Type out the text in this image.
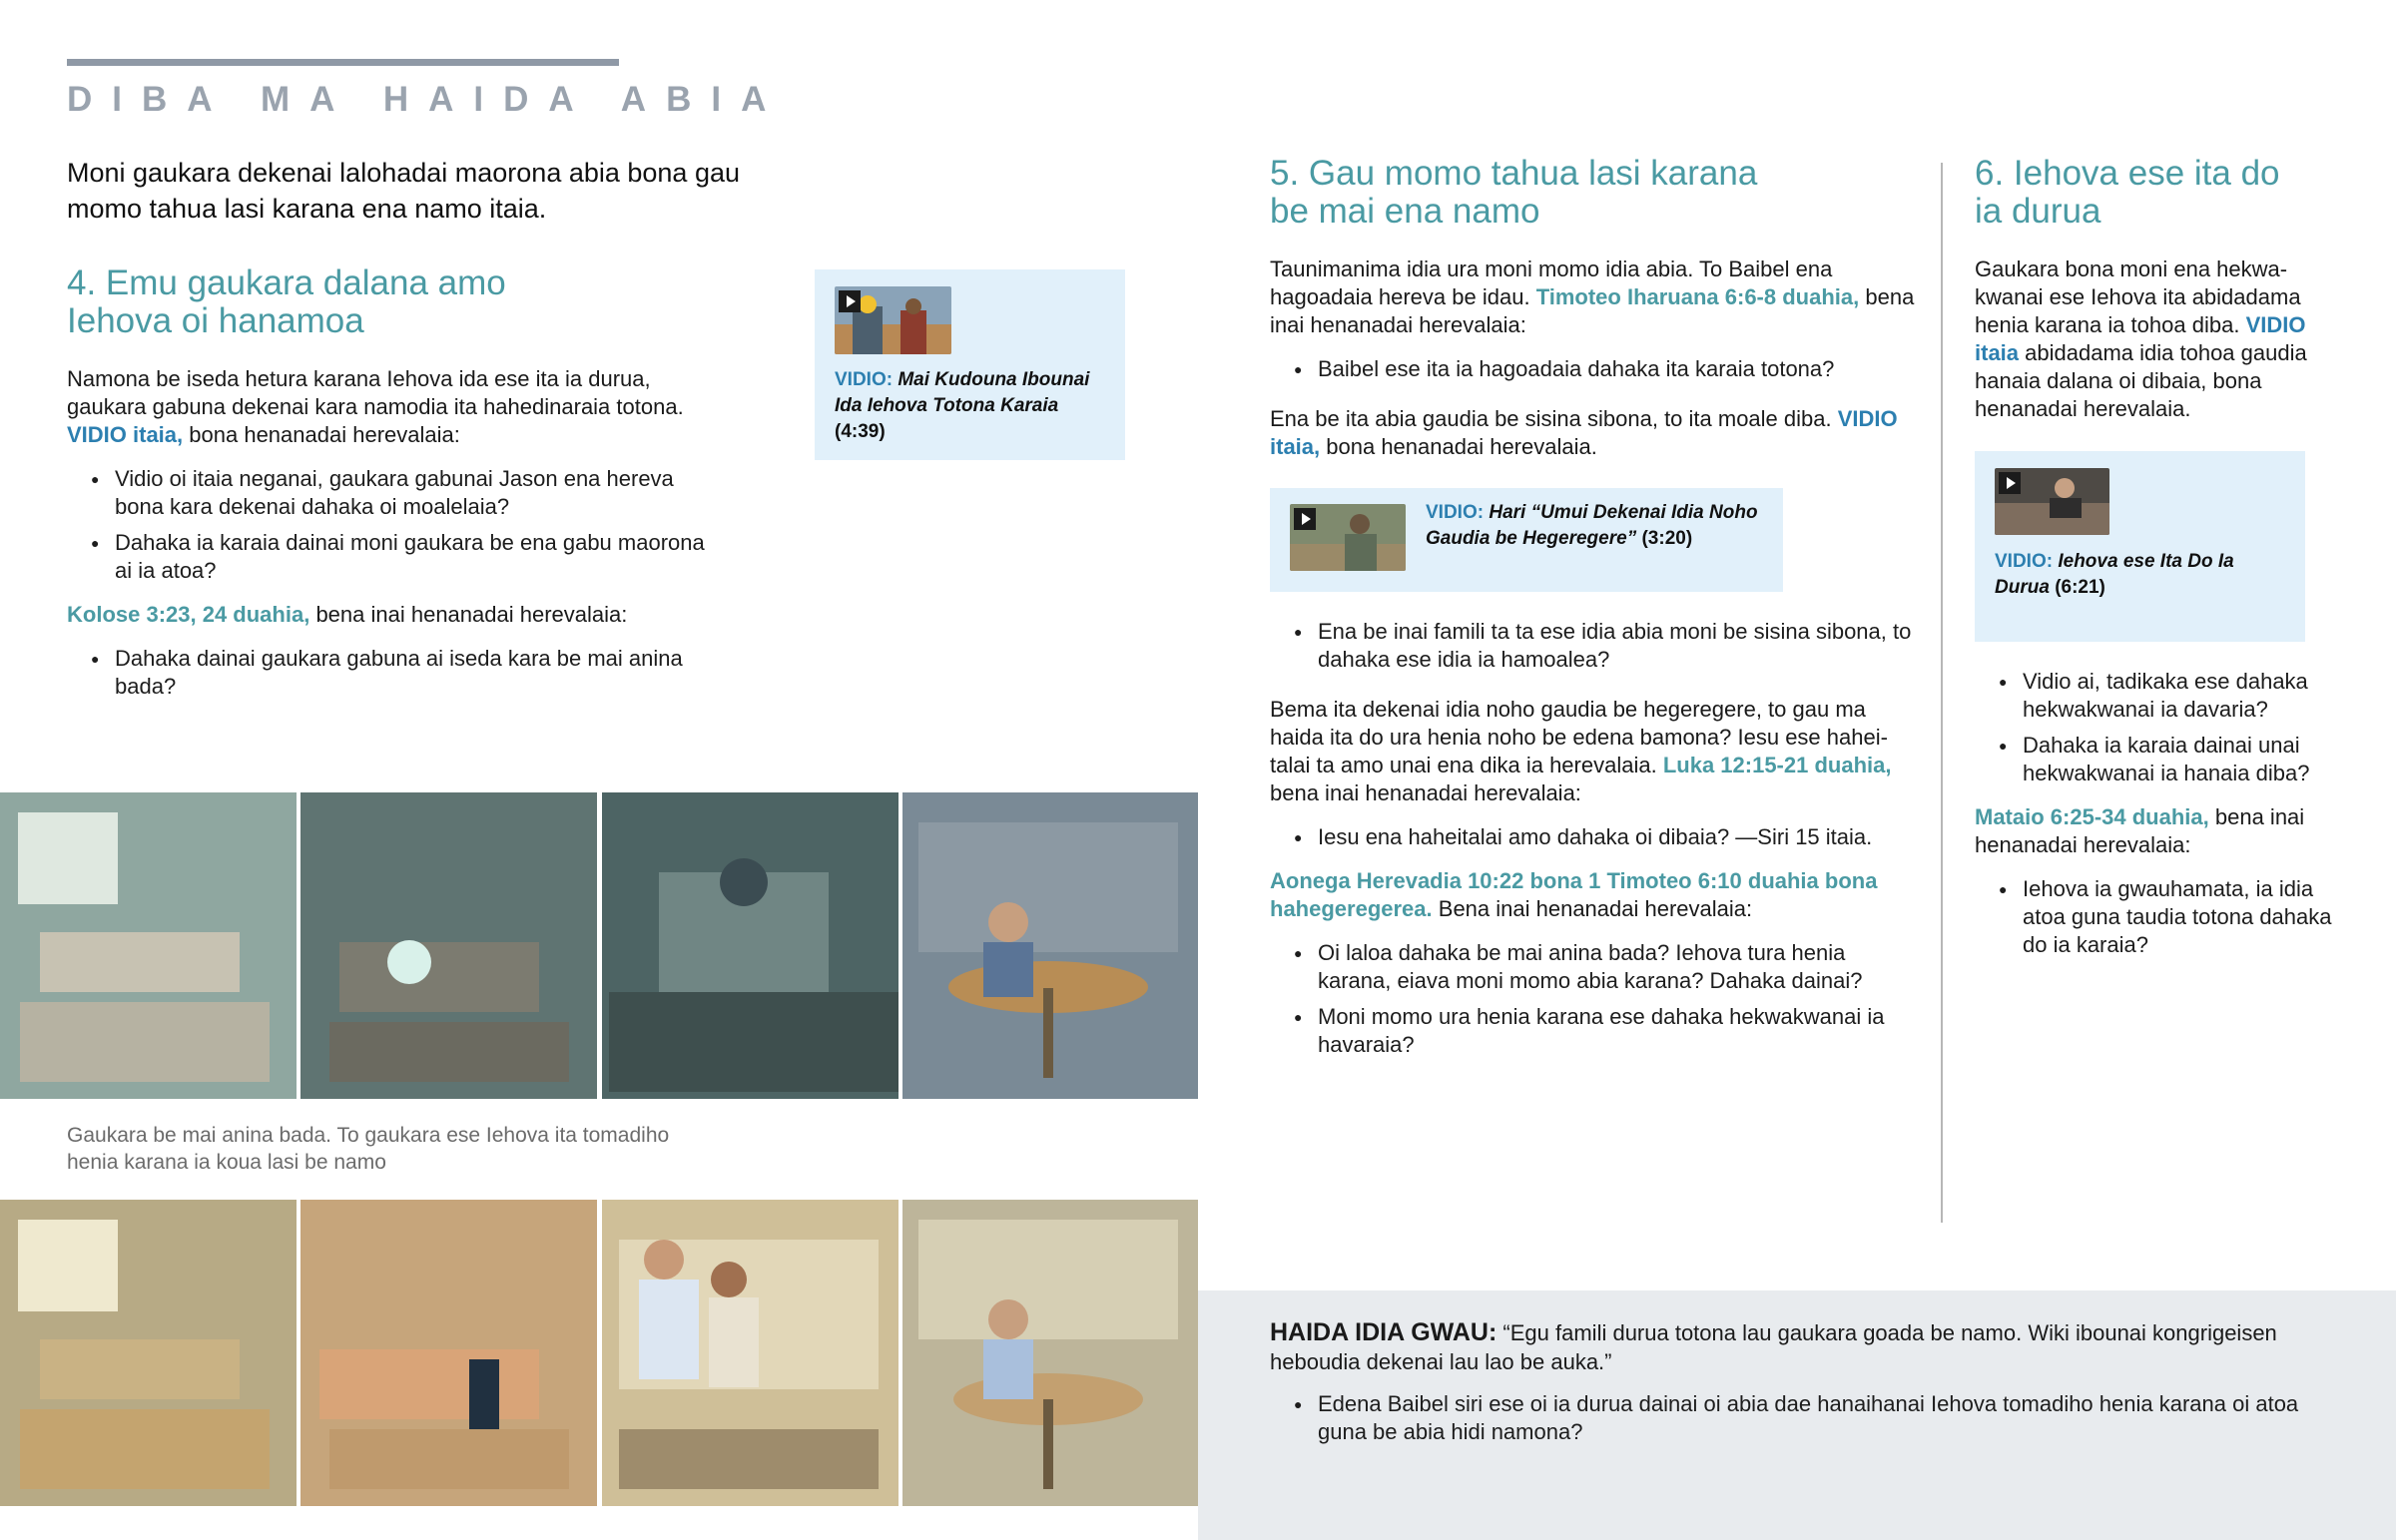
DIBA MA HAIDA ABIA
Moni gaukara dekenai lalohadai maorona abia bona gau momo tahua lasi karana ena namo itaia.
4. Emu gaukara dalana amo
Iehova oi hanamoa

Namona be iseda hetura karana Iehova ida ese ita ia durua, gaukara gabuna dekenai kara namodia ita hahedinaraia totona. VIDIO itaia, bona henanadai herevalaia:

● Vidio oi itaia neganai, gaukara gabunai Jason ena hereva bona kara dekenai dahaka oi moalelaia?
● Dahaka ia karaia dainai moni gaukara be ena gabu maorona ai ia atoa?

Kolose 3:23, 24 duahia, bena inai henanadai herevalaia:

● Dahaka dainai gaukara gabuna ai iseda kara be mai anina bada?
VIDIO: Mai Kudouna Ibounai Ida Iehova Totona Karaia (4:39)
Gaukara be mai anina bada. To gaukara ese Iehova ita tomadiho henia karana ia koua lasi be namo
5. Gau momo tahua lasi karana
be mai ena namo

Taunimanima idia ura moni momo idia abia. To Baibel ena hagoadaia hereva be idau. Timoteo Iharuana 6:6-8 duahia, bena inai henanadai herevalaia:

● Baibel ese ita ia hagoadaia dahaka ita karaia totona?

Ena be ita abia gaudia be sisina sibona, to ita moale diba. VIDIO itaia, bona henanadai herevalaia.

VIDIO: Hari “Umui Dekenai Idia Noho Gaudia be Hegeregere” (3:20)
● Ena be inai famili ta ta ese idia abia moni be sisina sibona, to dahaka ese idia ia hamoalea?

Bema ita dekenai idia noho gaudia be hegeregere, to gau ma haida ita do ura henia noho be edena bamona? Iesu ese haheitalai ta amo unai ena dika ia herevalaia. Luka 12:15-21 duahia, bena inai henanadai herevalaia:

● Iesu ena haheitalai amo dahaka oi dibaia? —Siri 15 itaia.

Aonega Herevadia 10:22 bona 1 Timoteo 6:10 duahia bona hahegeregerea. Bena inai henanadai herevalaia:

● Oi laloa dahaka be mai anina bada? Iehova tura henia karana, eiava moni momo abia karana? Dahaka dainai?
● Moni momo ura henia karana ese dahaka hekwakwanai ia havaraia?
6. Iehova ese ita do
ia durua

Gaukara bona moni ena hekwakwanai ese Iehova ita abidadama henia karana ia tohoa diba. VIDIO itaia abidadama idia tohoa gaudia hanaia dalana oi dibaia, bona henanadai herevalaia.

VIDIO: Iehova ese Ita Do Ia Durua (6:21)
● Vidio ai, tadikaka ese dahaka hekwakwanai ia davaria?
● Dahaka ia karaia dainai unai hekwakwanai ia hanaia diba?

Mataio 6:25-34 duahia, bena inai henanadai herevalaia:

● Iehova ia gwauhamata, ia idia atoa guna taudia totona dahaka do ia karaia?

HAIDA IDIA GWAU: “Egu famili durua totona lau gaukara goada be namo. Wiki ibounai kongrigeisen heboudia dekenai lau lao be auka.”

● Edena Baibel siri ese oi ia durua dainai oi abia dae hanaihanai Iehova tomadiho henia karana oi atoa guna be abia hidi namona?
